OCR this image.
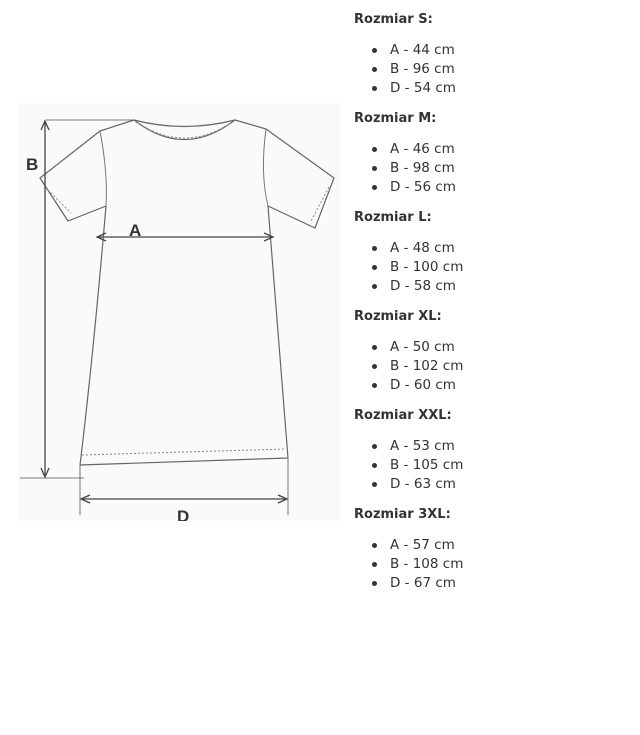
B
A
D

Rozmiar S:

A - 44 cm
B - 96 cm
D - 54 cm

Rozmiar M:

A - 46 cm
B - 98 cm
D - 56 cm

Rozmiar L:

A - 48 cm
B - 100 cm
D - 58 cm

Rozmiar XL:

A - 50 cm
B - 102 cm
D - 60 cm

Rozmiar XXL:

A - 53 cm
B - 105 cm
D - 63 cm

Rozmiar 3XL:

A - 57 cm
B - 108 cm
D - 67 cm
